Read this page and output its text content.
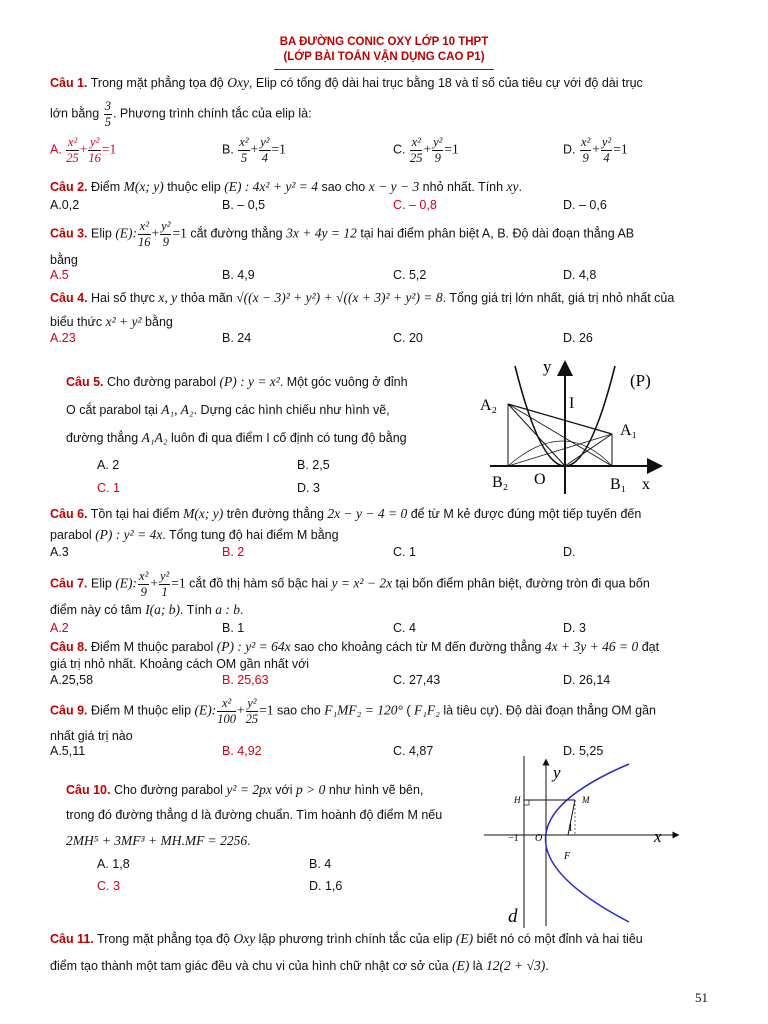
BA ĐƯỜNG CONIC OXY LỚP 10 THPT
(LỚP BÀI TOÁN VẬN DỤNG CAO P1)
Câu 1. Trong mặt phẳng tọa độ Oxy, Elip có tổng độ dài hai trục bằng 18 và tỉ số của tiêu cự với độ dài trục
lớn bằng $\frac{3}{5}$ . Phương trình chính tắc của elip là:
A. $\frac{\text{x²}}{25} + \frac{\text{y²}}{16} =1$	B. $\frac{\text{x²}}{5} + \frac{\text{y²}}{4} =1$	C. $\frac{\text{x²}}{25} + \frac{\text{y²}}{9} =1$	D. $\frac{\text{x²}}{9} + \frac{\text{y²}}{4} =1$
Câu 2. Điểm M(x; y) thuộc elip (E) : 4x² + y² = 4 sao cho x − y − 3 nhỏ nhất. Tính xy.
A.0,2	B. – 0,5	C. – 0,8	D. – 0,6
Câu 3. Elip (E): $\frac{\text{x²}}{16} + \frac{\text{y²}}{9} =1$ cắt đường thẳng 3x + 4y = 12 tại hai điểm phân biệt A, B. Độ dài đoạn thẳng AB
bằng
A.5	B. 4,9	C. 5,2	D. 4,8
Câu 4. Hai số thực x, y thỏa mãn √((x − 3)² + y²) + √((x + 3)² + y²) = 8. Tổng giá trị lớn nhất, giá trị nhỏ nhất của
biểu thức x² + y² bằng
A.23	B. 24	C. 20	D. 26
Câu 5. Cho đường parabol (P) : y = x². Một góc vuông ở đỉnh
O cắt parabol tại A₁, A₂. Dựng các hình chiếu như hình vẽ,
đường thẳng A₁A₂ luôn đi qua điểm I cố định có tung độ bằng
A. 2	B. 2,5
C. 1	D. 3
y
(P)
A₂	I
A₁
B₂ O	B₁ x
Câu 6. Tồn tại hai điểm M(x; y) trên đường thẳng 2x − y − 4 = 0 để từ M kẻ được đúng một tiếp tuyến đến
parabol (P) : y² = 4x. Tổng tung độ hai điểm M bằng
A.3	B. 2	C. 1	D.
Câu 7. Elip (E): $\frac{\text{x²}}{9} + \frac{\text{y²}}{1} =1$ cắt đồ thị hàm số bậc hai y = x² − 2x tại bốn điểm phân biệt, đường tròn đi qua bốn
điểm này có tâm I(a; b). Tính a : b.
A.2	B. 1	C. 4	D. 3
Câu 8. Điểm M thuộc parabol (P) : y² = 64x sao cho khoảng cách từ M đến đường thẳng 4x + 3y + 46 = 0 đạt
giá trị nhỏ nhất. Khoảng cách OM gần nhất với
A.25,58	B. 25,63	C. 27,43	D. 26,14
Câu 9. Điểm M thuộc elip (E): $\frac{\text{x²}}{100} + \frac{\text{y²}}{25} =1$ sao cho F₁MF₂ = 120° ( F₁F₂ là tiêu cự). Độ dài đoạn thẳng OM gần
nhất giá trị nào
A.5,11	B. 4,92	C. 4,87	D. 5,25
Câu 10. Cho đường parabol y² = 2px với p > 0 như hình vẽ bên,
trong đó đường thẳng d là đường chuẩn. Tìm hoành độ điểm M nếu
2MH⁵ + 3MF³ + MH.MF = 2256.
A. 1,8	B. 4
C. 3	D. 1,6
y
x
H	M
−1 O
1
F
d
Câu 11. Trong mặt phẳng tọa độ Oxy lập phương trình chính tắc của elip (E) biết nó có một đỉnh và hai tiêu
điểm tạo thành một tam giác đều và chu vi của hình chữ nhật cơ sở của (E) là 12(2 + √3).
51
